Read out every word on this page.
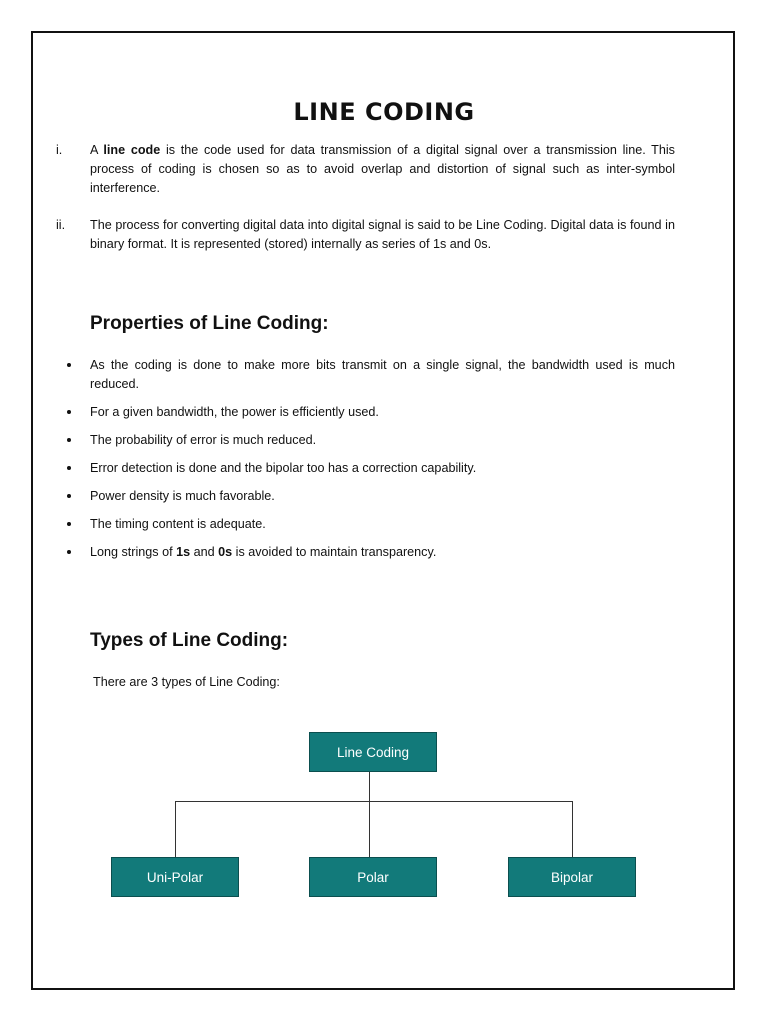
LINE CODING
i. A line code is the code used for data transmission of a digital signal over a transmission line. This process of coding is chosen so as to avoid overlap and distortion of signal such as inter-symbol interference.
ii. The process for converting digital data into digital signal is said to be Line Coding. Digital data is found in binary format. It is represented (stored) internally as series of 1s and 0s.
Properties of Line Coding:
As the coding is done to make more bits transmit on a single signal, the bandwidth used is much reduced.
For a given bandwidth, the power is efficiently used.
The probability of error is much reduced.
Error detection is done and the bipolar too has a correction capability.
Power density is much favorable.
The timing content is adequate.
Long strings of 1s and 0s is avoided to maintain transparency.
Types of Line Coding:

There are 3 types of Line Coding:

Line Coding
Uni-Polar	Polar	Bipolar
